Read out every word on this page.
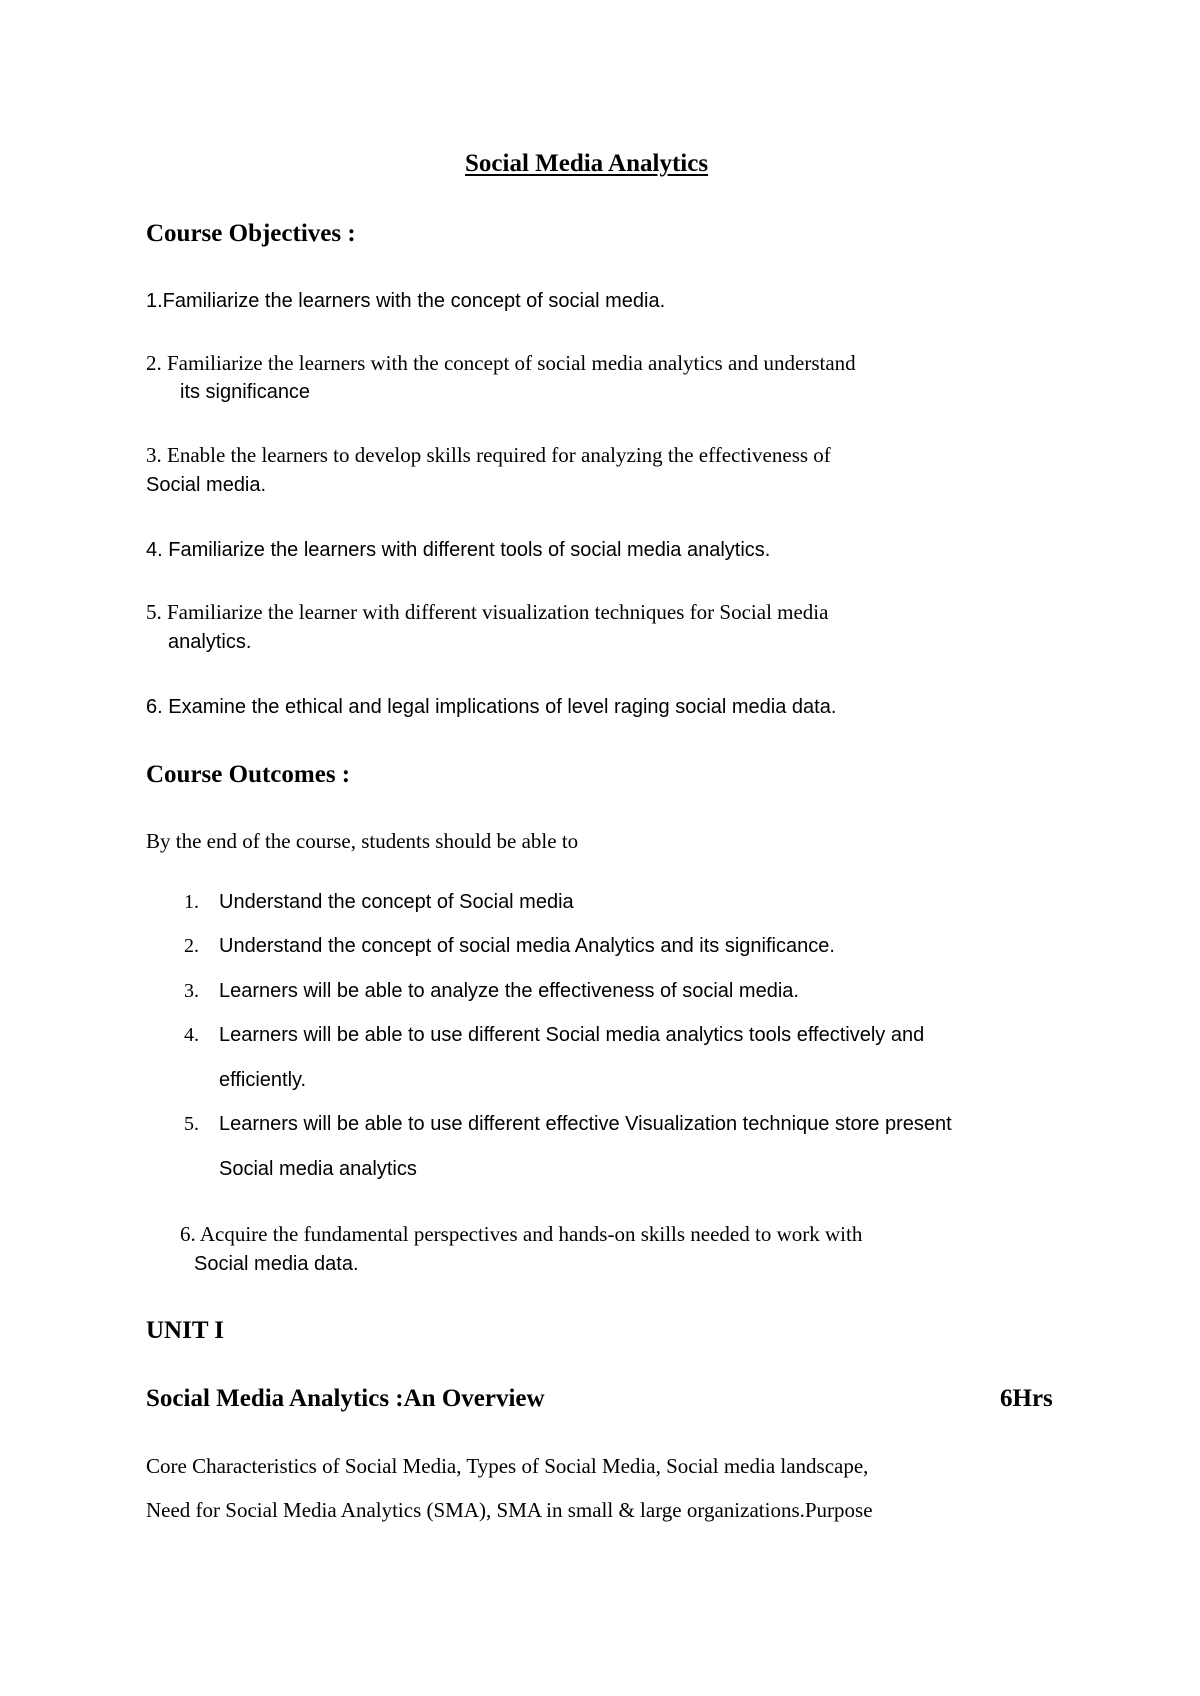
Social Media Analytics
Course Objectives :
1.Familiarize the learners with the concept of social media.
2. Familiarize the learners with the concept of social media analytics and understand
its significance
3. Enable the learners to develop skills required for analyzing the effectiveness of
Social media.
4. Familiarize the learners with different tools of social media analytics.
5. Familiarize the learner with different visualization techniques for Social media
analytics.
6. Examine the ethical and legal implications of level raging social media data.
Course Outcomes :
By the end of the course, students should be able to
1. Understand the concept of Social media
2. Understand the concept of social media Analytics and its significance.
3. Learners will be able to analyze the effectiveness of social media.
4. Learners will be able to use different Social media analytics tools effectively and
efficiently.
5. Learners will be able to use different effective Visualization technique store present
Social media analytics
6. Acquire the fundamental perspectives and hands-on skills needed to work with
Social media data.
UNIT I
Social Media Analytics :An Overview	6Hrs
Core Characteristics of Social Media, Types of Social Media, Social media landscape,
Need for Social Media Analytics (SMA), SMA in small & large organizations.Purpose
